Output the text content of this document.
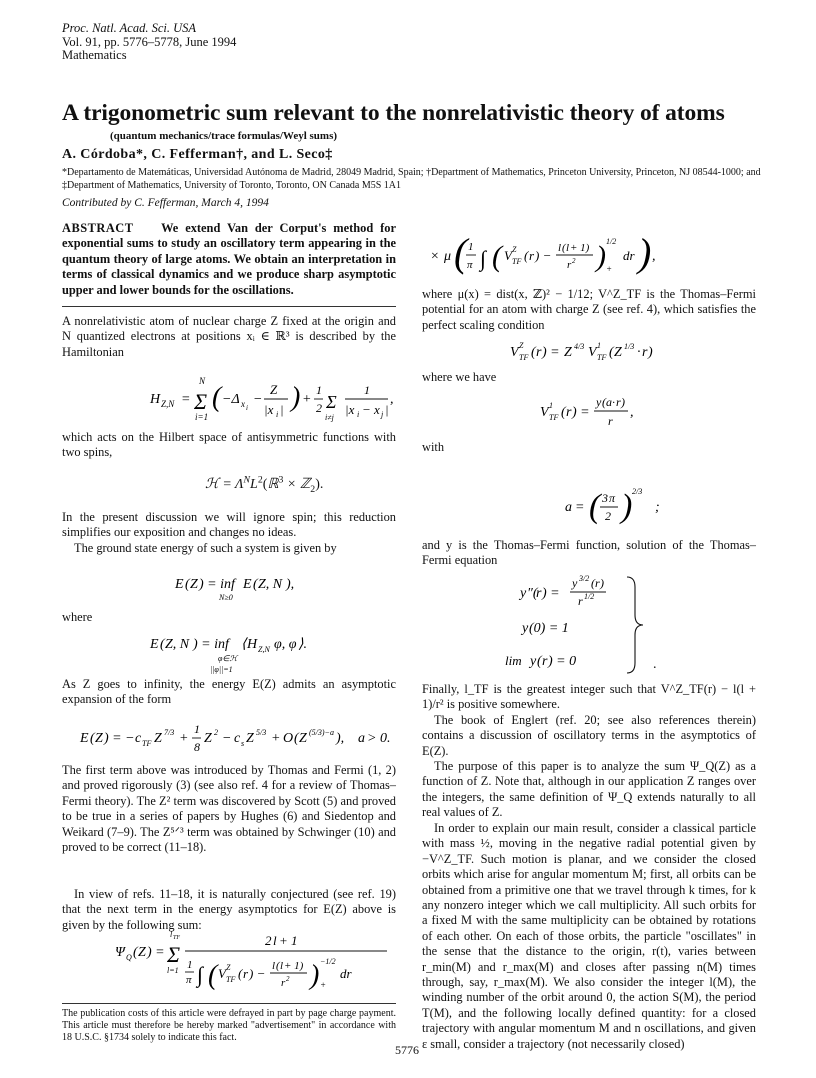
Proc. Natl. Acad. Sci. USA
Vol. 91, pp. 5776–5778, June 1994
Mathematics
A trigonometric sum relevant to the nonrelativistic theory of atoms
(quantum mechanics/trace formulas/Weyl sums)
A. Córdoba*, C. Fefferman†, and L. Seco‡
*Departamento de Matemáticas, Universidad Autónoma de Madrid, 28049 Madrid, Spain; †Department of Mathematics, Princeton University, Princeton, NJ 08544-1000; and ‡Department of Mathematics, University of Toronto, Toronto, ON Canada M5S 1A1
Contributed by C. Fefferman, March 4, 1994
ABSTRACT We extend Van der Corput's method for exponential sums to study an oscillatory term appearing in the quantum theory of large atoms. We obtain an interpretation in terms of classical dynamics and we produce sharp asymptotic upper and lower bounds for the oscillations.
A nonrelativistic atom of nuclear charge Z fixed at the origin and N quantized electrons at positions xᵢ ∈ ℝ³ is described by the Hamiltonian
H Z,N = Σ
N
i=1
( −Δ x i
−
Z
|x i | ) +
1
2 Σ
i≠j
1
|x i − x j |
,
which acts on the Hilbert space of antisymmetric functions with two spins,
ℋ = $\Lambda^NL^2(ℝ^3$ × ℤ$_2$).
In the present discussion we will ignore spin; this reduction simplifies our exposition and changes no ideas.
The ground state energy of such a system is given by
E ( Z ) = inf E ( Z, N ),
N≥0
where
E ( Z, N ) = inf ⟨ H Z,N φ, φ ⟩.
φ∈ℋ
||φ||=1
As Z goes to infinity, the energy E(Z) admits an asymptotic expansion of the form
E ( Z ) = − c TF Z 7/3 +
1
8
Z 2 − c s Z 5/3 + O ( Z (5/3)−a ), a > 0.
The first term above was introduced by Thomas and Fermi (1, 2) and proved rigorously (3) (see also ref. 4 for a review of Thomas–Fermi theory). The Z² term was discovered by Scott (5) and proved to be true in a series of papers by Hughes (6) and Siedentop and Weikard (7–9). The Z⁵ᐟ³ term was obtained by Schwinger (10) and proved to be correct (11–18).
In view of refs. 11–18, it is naturally conjectured (see ref. 19) that the next term in the energy asymptotics for E(Z) above is given by the following sum:
Ψ Q ( Z ) = Σ
l TF
l=1
2 l + 1
1
π ∫ ( V Z
TF ( r ) − l ( l + 1)
r 2 ) −1/2
+
dr
The publication costs of this article were defrayed in part by page charge payment. This article must therefore be hereby marked "advertisement" in accordance with 18 U.S.C. §1734 solely to indicate this fact.
× μ ( 1
π ∫ ( V Z
TF ( r ) − l ( l + 1)
r 2 ) 1/2
+
dr ) ,
where μ(x) = dist(x, ℤ)² − 1/12; V^Z_TF is the Thomas–Fermi potential for an atom with charge Z (see ref. 4), which satisfies the perfect scaling condition
V Z
TF ( r ) = Z 4/3 V 1
TF ( Z 1/3 · r )
where we have
V 1
TF ( r ) =
y ( a · r )
r
,
with
a = ( 3 π
2 ) 2/3
;
and y is the Thomas–Fermi function, solution of the Thomas–Fermi equation
y ″(
r ) =
y 3/2 ( r )
r 1/2
y (0) = 1
lim y ( r ) = 0	.
Finally, l_TF is the greatest integer such that V^Z_TF(r) − l(l + 1)/r² is positive somewhere.
The book of Englert (ref. 20; see also references therein) contains a discussion of oscillatory terms in the asymptotics of E(Z).
The purpose of this paper is to analyze the sum Ψ_Q(Z) as a function of Z. Note that, although in our application Z ranges over the integers, the same definition of Ψ_Q extends naturally to all real values of Z.
In order to explain our main result, consider a classical particle with mass ½, moving in the negative radial potential given by −V^Z_TF. Such motion is planar, and we consider the closed orbits which arise for angular momentum M; first, all orbits can be obtained from a primitive one that we travel through k times, for k any nonzero integer which we call multiplicity. All such orbits for a fixed M with the same multiplicity can be obtained by rotations of each other. On each of those orbits, the particle "oscillates" in the sense that the distance to the origin, r(t), varies between r_min(M) and r_max(M) and closes after passing n(M) times through, say, r_max(M). We also consider the integer l(M), the winding number of the orbit around 0, the action S(M), the period T(M), and the following locally defined quantity: for a closed trajectory with angular momentum M and n oscillations, and given ε small, consider a trajectory (not necessarily closed)
5776
